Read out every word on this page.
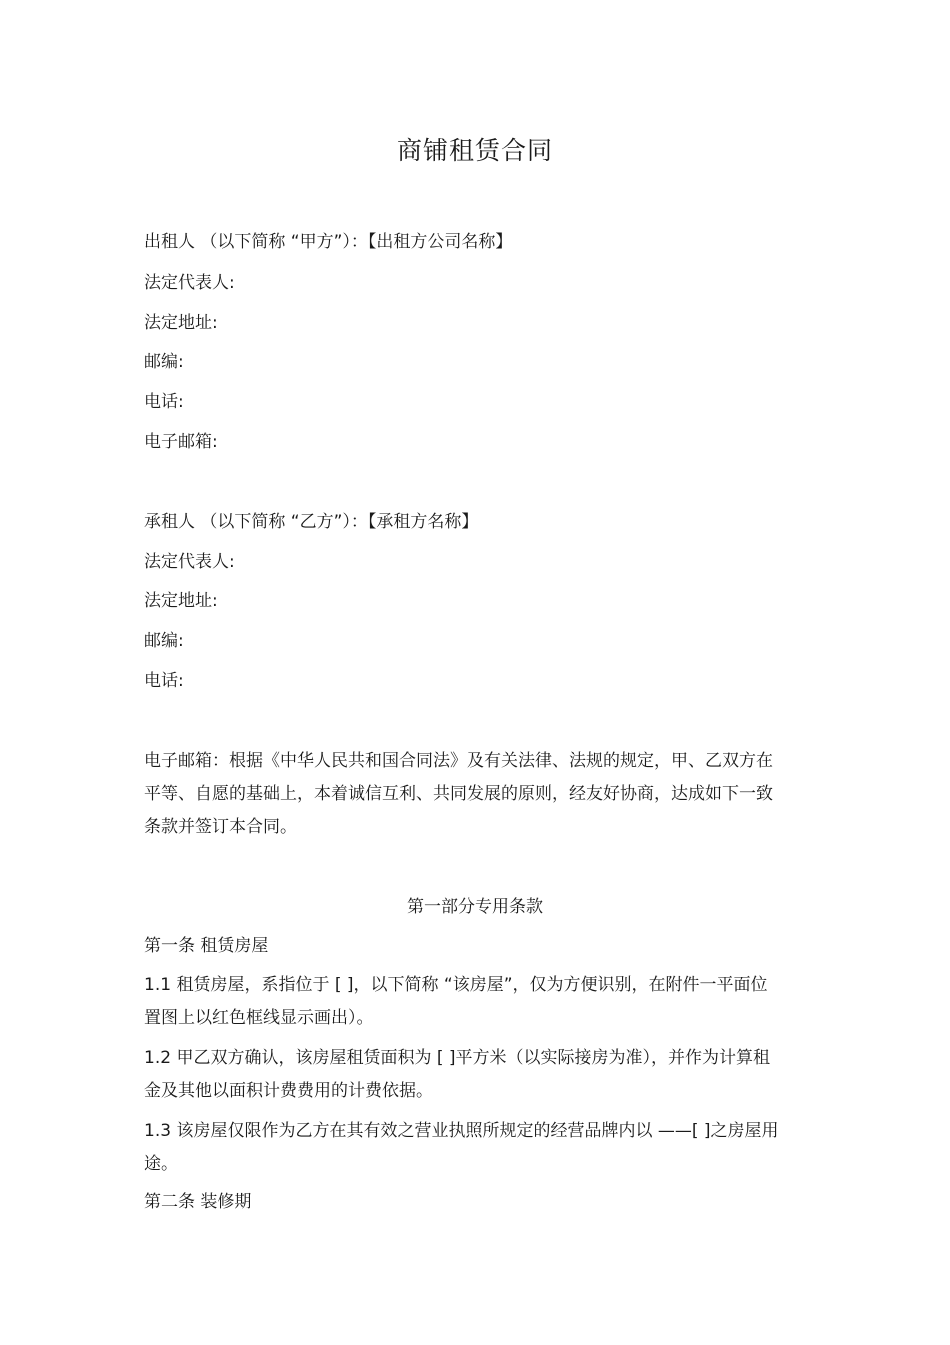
商铺租赁合同
出租人 （以下简称 “甲方”）：【出租方公司名称】
法定代表人:
法定地址:
邮编:
电话:
电子邮箱:
承租人 （以下简称 “乙方”）：【承租方名称】
法定代表人:
法定地址:
邮编:
电话:
电子邮箱：根据《中华人民共和国合同法》及有关法律、法规的规定，甲、乙双方在平等、自愿的基础上，本着诚信互利、共同发展的原则，经友好协商，达成如下一致条款并签订本合同。
第一部分专用条款
第一条 租赁房屋
1.1 租赁房屋，系指位于 [ ]，以下简称 “该房屋”，仅为方便识别，在附件一平面位置图上以红色框线显示画出）。
1.2 甲乙双方确认，该房屋租赁面积为 [ ]平方米（以实际接房为准），并作为计算租金及其他以面积计费费用的计费依据。
1.3 该房屋仅限作为乙方在其有效之营业执照所规定的经营品牌内以 ——[ ]之房屋用途。
第二条 装修期
